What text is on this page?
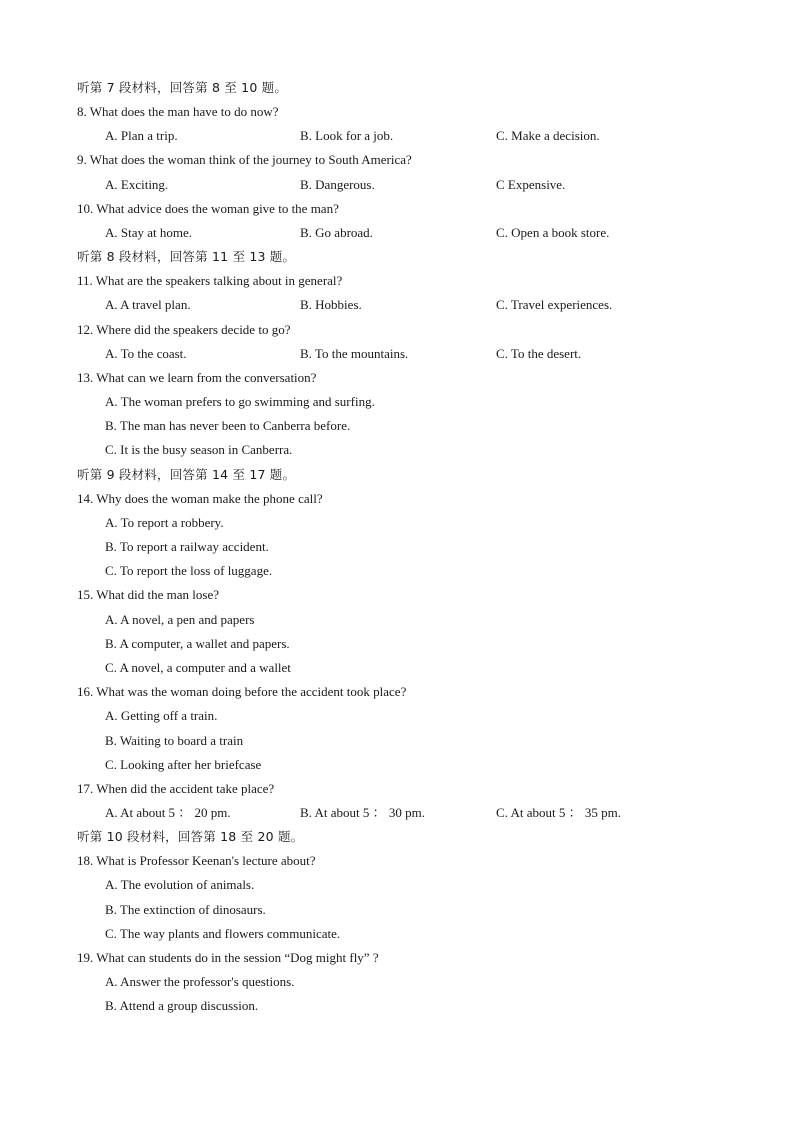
听第 7 段材料，回答第 8 至 10 题。
8. What does the man have to do now?
A. Plan a trip.	B. Look for a job.	C. Make a decision.
9. What does the woman think of the journey to South America?
A. Exciting.	B. Dangerous.	C Expensive.
10. What advice does the woman give to the man?
A. Stay at home.	B. Go abroad.	C. Open a book store.
听第 8 段材料，回答第 11 至 13 题。
11. What are the speakers talking about in general?
A. A travel plan.	B. Hobbies.	C. Travel experiences.
12. Where did the speakers decide to go?
A. To the coast.	B. To the mountains.	C. To the desert.
13. What can we learn from the conversation?
A. The woman prefers to go swimming and surfing.
B. The man has never been to Canberra before.
C. It is the busy season in Canberra.
听第 9 段材料，回答第 14 至 17 题。
14. Why does the woman make the phone call?
A. To report a robbery.
B. To report a railway accident.
C. To report the loss of luggage.
15. What did the man lose?
A. A novel, a pen and papers
B. A computer, a wallet and papers.
C. A novel, a computer and a wallet
16. What was the woman doing before the accident took place?
A. Getting off a train.
B. Waiting to board a train
C. Looking after her briefcase
17. When did the accident take place?
A. At about 5 ： 20 pm.	B. At about 5 ： 30 pm.	C. At about 5 ： 35 pm.
听第 10 段材料，回答第 18 至 20 题。
18. What is Professor Keenan's lecture about?
A. The evolution of animals.
B. The extinction of dinosaurs.
C. The way plants and flowers communicate.
19. What can students do in the session “Dog might fly” ?
A. Answer the professor's questions.
B. Attend a group discussion.
